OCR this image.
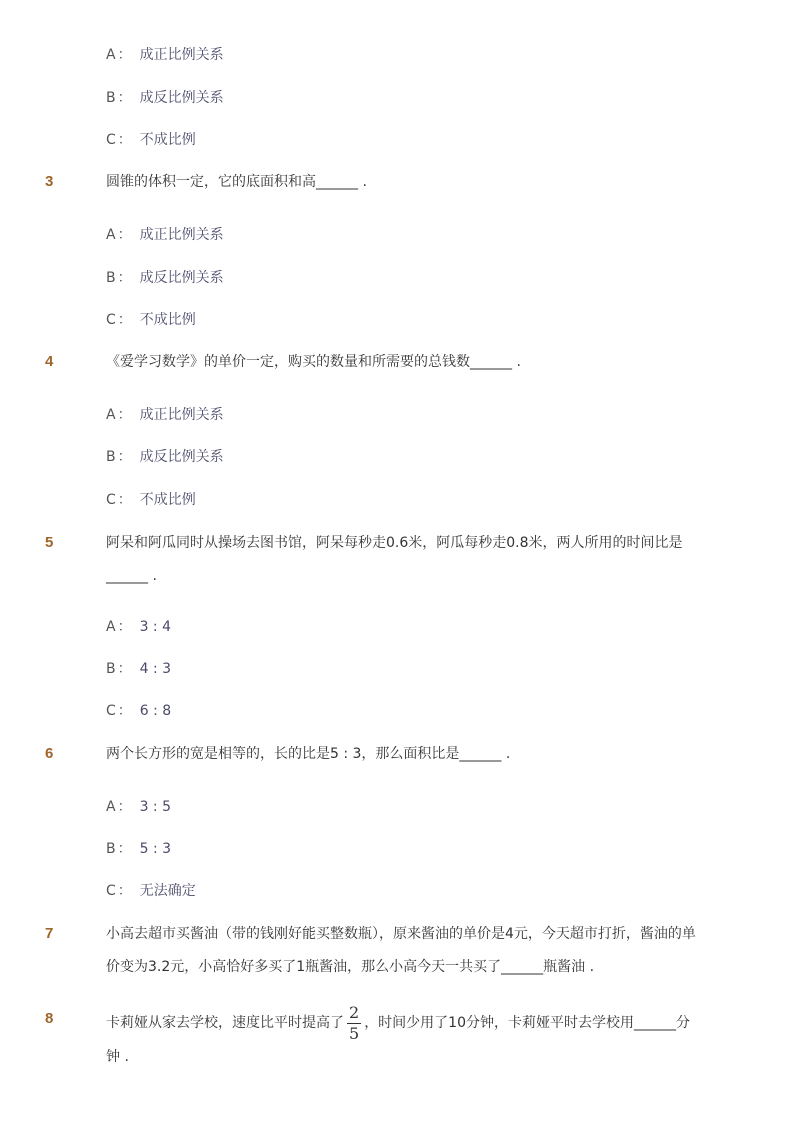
A ： 成正比例关系
B ： 成反比例关系
C ： 不成比例
3	圆锥的体积一定，它的底面积和高______ .
A ： 成正比例关系
B ： 成反比例关系
C ： 不成比例
4	《爱学习数学》的单价一定，购买的数量和所需要的总钱数______ .
A ： 成正比例关系
B ： 成反比例关系
C ： 不成比例
5	阿呆和阿瓜同时从操场去图书馆，阿呆每秒走0.6米，阿瓜每秒走0.8米，两人所用的时间比是
______ .
A ： 3 : 4
B ： 4 : 3
C ： 6 : 8
6	两个长方形的宽是相等的，长的比是5 : 3，那么面积比是______ .
A ： 3 : 5
B ： 5 : 3
C ： 无法确定
7	小高去超市买酱油（带的钱刚好能买整数瓶），原来酱油的单价是4元，今天超市打折，酱油的单
价变为3.2元，小高恰好多买了1瓶酱油，那么小高今天一共买了______瓶酱油 .
8	卡莉娅从家去学校，速度比平时提高了 $\frac{2}{5}$ ，时间少用了10分钟，卡莉娅平时去学校用______分
钟 .
